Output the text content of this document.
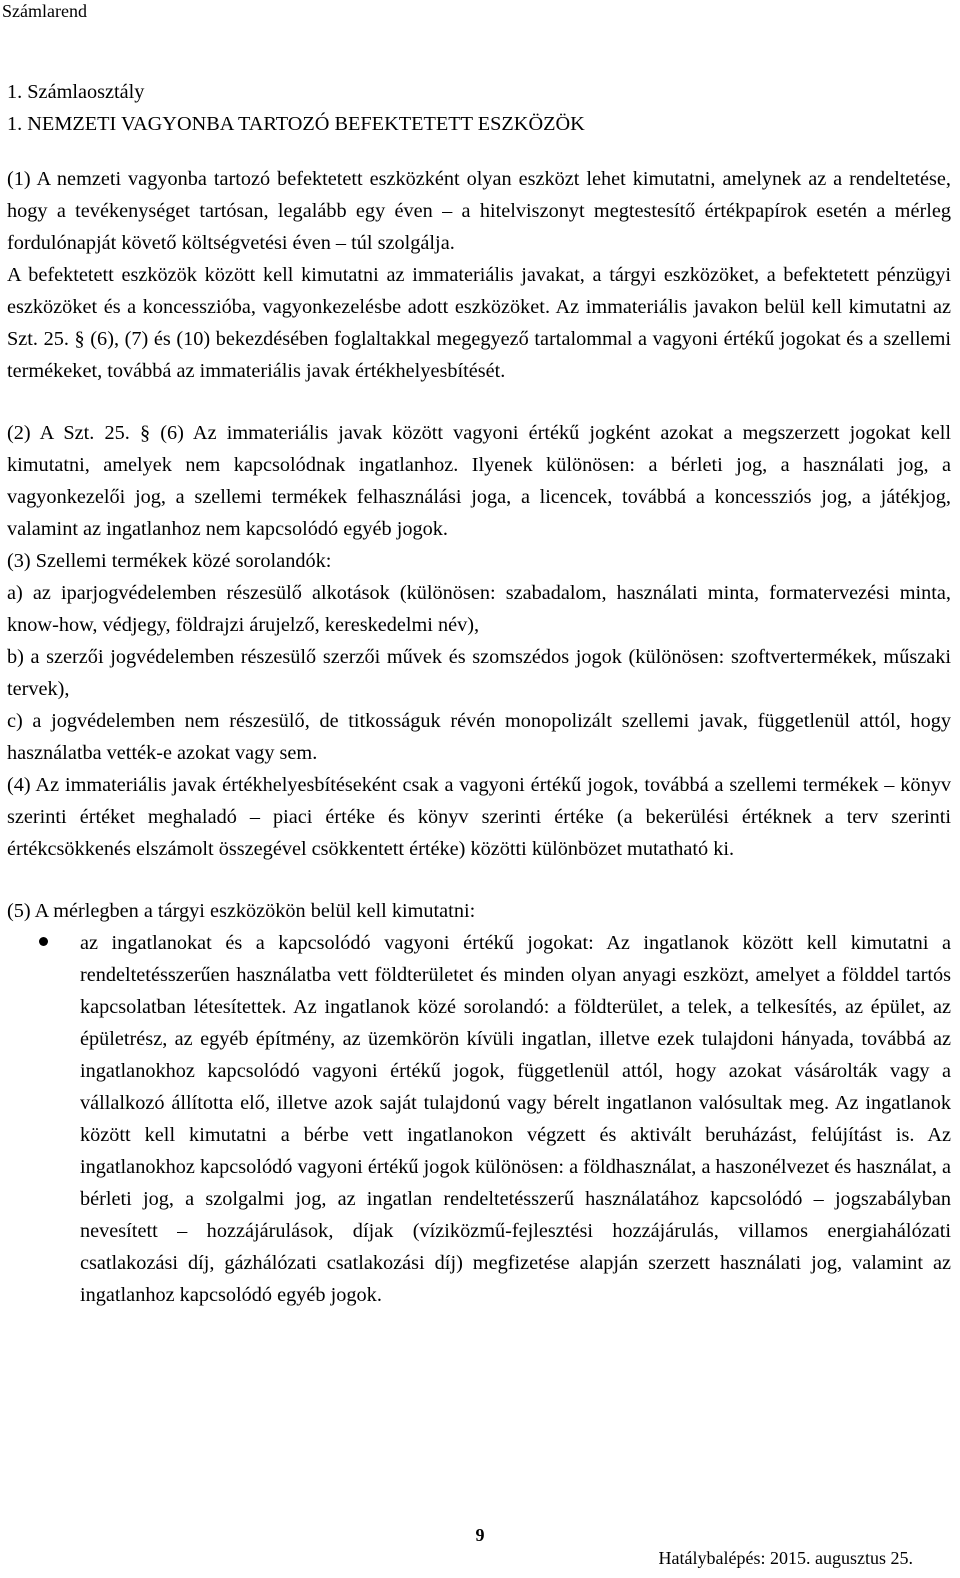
Számlarend
1. Számlaosztály
1. NEMZETI VAGYONBA TARTOZÓ BEFEKTETETT ESZKÖZÖK
(1) A nemzeti vagyonba tartozó befektetett eszközként olyan eszközt lehet kimutatni, amelynek az a rendeltetése, hogy a tevékenységet tartósan, legalább egy éven – a hitelviszonyt megtestesítő értékpapírok esetén a mérleg fordulónapját követő költségvetési éven – túl szolgálja.
A befektetett eszközök között kell kimutatni az immateriális javakat, a tárgyi eszközöket, a befektetett pénzügyi eszközöket és a koncesszióba, vagyonkezelésbe adott eszközöket. Az immateriális javakon belül kell kimutatni az Szt. 25. § (6), (7) és (10) bekezdésében foglaltakkal megegyező tartalommal a vagyoni értékű jogokat és a szellemi termékeket, továbbá az immateriális javak értékhelyesbítését.
(2) A Szt. 25. § (6) Az immateriális javak között vagyoni értékű jogként azokat a megszerzett jogokat kell kimutatni, amelyek nem kapcsolódnak ingatlanhoz. Ilyenek különösen: a bérleti jog, a használati jog, a vagyonkezelői jog, a szellemi termékek felhasználási joga, a licencek, továbbá a koncessziós jog, a játékjog, valamint az ingatlanhoz nem kapcsolódó egyéb jogok.
(3) Szellemi termékek közé sorolandók:
a) az iparjogvédelemben részesülő alkotások (különösen: szabadalom, használati minta, formatervezési minta, know-how, védjegy, földrajzi árujelző, kereskedelmi név),
b) a szerzői jogvédelemben részesülő szerzői művek és szomszédos jogok (különösen: szoftvertermékek, műszaki tervek),
c) a jogvédelemben nem részesülő, de titkosságuk révén monopolizált szellemi javak, függetlenül attól, hogy használatba vették-e azokat vagy sem.
(4) Az immateriális javak értékhelyesbítéseként csak a vagyoni értékű jogok, továbbá a szellemi termékek – könyv szerinti értéket meghaladó – piaci értéke és könyv szerinti értéke (a bekerülési értéknek a terv szerinti értékcsökkenés elszámolt összegével csökkentett értéke) közötti különbözet mutatható ki.
(5) A mérlegben a tárgyi eszközökön belül kell kimutatni:
az ingatlanokat és a kapcsolódó vagyoni értékű jogokat: Az ingatlanok között kell kimutatni a rendeltetésszerűen használatba vett földterületet és minden olyan anyagi eszközt, amelyet a földdel tartós kapcsolatban létesítettek. Az ingatlanok közé sorolandó: a földterület, a telek, a telkesítés, az épület, az épületrész, az egyéb építmény, az üzemkörön kívüli ingatlan, illetve ezek tulajdoni hányada, továbbá az ingatlanokhoz kapcsolódó vagyoni értékű jogok, függetlenül attól, hogy azokat vásárolták vagy a vállalkozó állította elő, illetve azok saját tulajdonú vagy bérelt ingatlanon valósultak meg. Az ingatlanok között kell kimutatni a bérbe vett ingatlanokon végzett és aktivált beruházást, felújítást is. Az ingatlanokhoz kapcsolódó vagyoni értékű jogok különösen: a földhasználat, a haszonélvezet és használat, a bérleti jog, a szolgalmi jog, az ingatlan rendeltetésszerű használatához kapcsolódó – jogszabályban nevesített – hozzájárulások, díjak (víziközmű-fejlesztési hozzájárulás, villamos energiahálózati csatlakozási díj, gázhálózati csatlakozási díj) megfizetése alapján szerzett használati jog, valamint az ingatlanhoz kapcsolódó egyéb jogok.
9
Hatálybalépés: 2015. augusztus 25.
